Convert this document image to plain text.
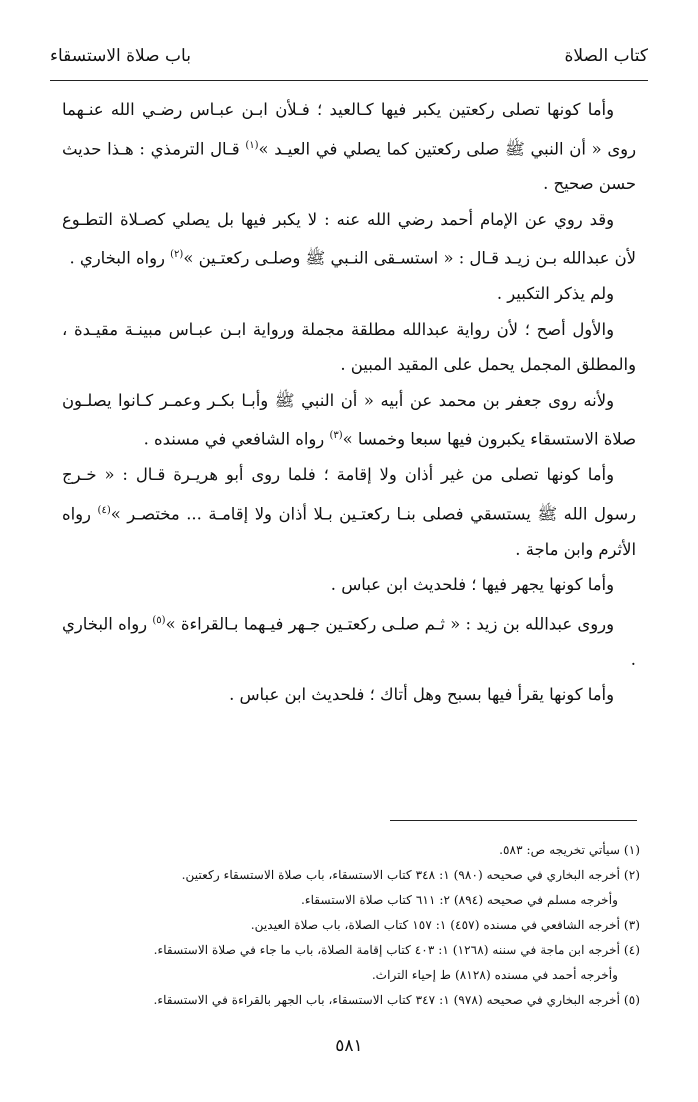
كتاب الصلاة
باب صلاة الاستسقاء

وأما كونها تصلى ركعتين يكبر فيها كـالعيد ؛ فـلأن ابـن عبـاس رضـي الله عنـهما روى « أن النبي ﷺ صلى ركعتين كما يصلي في العيـد »$^{(١)}$ قـال الترمذي : هـذا حديث حسن صحيح .

وقد روي عن الإمام أحمد رضي الله عنه : لا يكبر فيها بل يصلي كصـلاة التطـوع لأن عبدالله بـن زيـد قـال : « استسـقى النـبي ﷺ وصلـى ركعتـين »$^{(٢)}$ رواه البخاري .

ولم يذكر التكبير .

والأول أصح ؛ لأن رواية عبدالله مطلقة مجملة ورواية ابـن عبـاس مبينـة مقيـدة ، والمطلق المجمل يحمل على المقيد المبين .

ولأنه روى جعفر بن محمد عن أبيه « أن النبي ﷺ وأبـا بكـر وعمـر كـانوا يصلـون صلاة الاستسقاء يكبرون فيها سبعا وخمسا »$^{(٣)}$ رواه الشافعي في مسنده .

وأما كونها تصلى من غير أذان ولا إقامة ؛ فلما روى أبو هريـرة قـال : « خـرج رسول الله ﷺ يستسقي فصلى بنـا ركعتـين بـلا أذان ولا إقامـة ... مختصـر »$^{(٤)}$ رواه الأثرم وابن ماجة .

وأما كونها يجهر فيها ؛ فلحديث ابن عباس .

وروى عبدالله بن زيد : « ثـم صلـى ركعتـين جـهر فيـهما بـالقراءة »$^{(٥)}$ رواه البخاري .

وأما كونها يقرأ فيها بسبح وهل أتاك ؛ فلحديث ابن عباس .

(١) سيأتي تخريجه ص: ٥٨٣.

(٢) أخرجه البخاري في صحيحه (٩٨٠) ١: ٣٤٨ كتاب الاستسقاء، باب صلاة الاستسقاء ركعتين.

وأخرجه مسلم في صحيحه (٨٩٤) ٢: ٦١١ كتاب صلاة الاستسقاء.

(٣) أخرجه الشافعي في مسنده (٤٥٧) ١: ١٥٧ كتاب الصلاة، باب صلاة العيدين.

(٤) أخرجه ابن ماجة في سننه (١٢٦٨) ١: ٤٠٣ كتاب إقامة الصلاة، باب ما جاء في صلاة الاستسقاء.

وأخرجه أحمد في مسنده (٨١٢٨) ط إحياء التراث.

(٥) أخرجه البخاري في صحيحه (٩٧٨) ١: ٣٤٧ كتاب الاستسقاء، باب الجهر بالقراءة في الاستسقاء.

٥٨١
